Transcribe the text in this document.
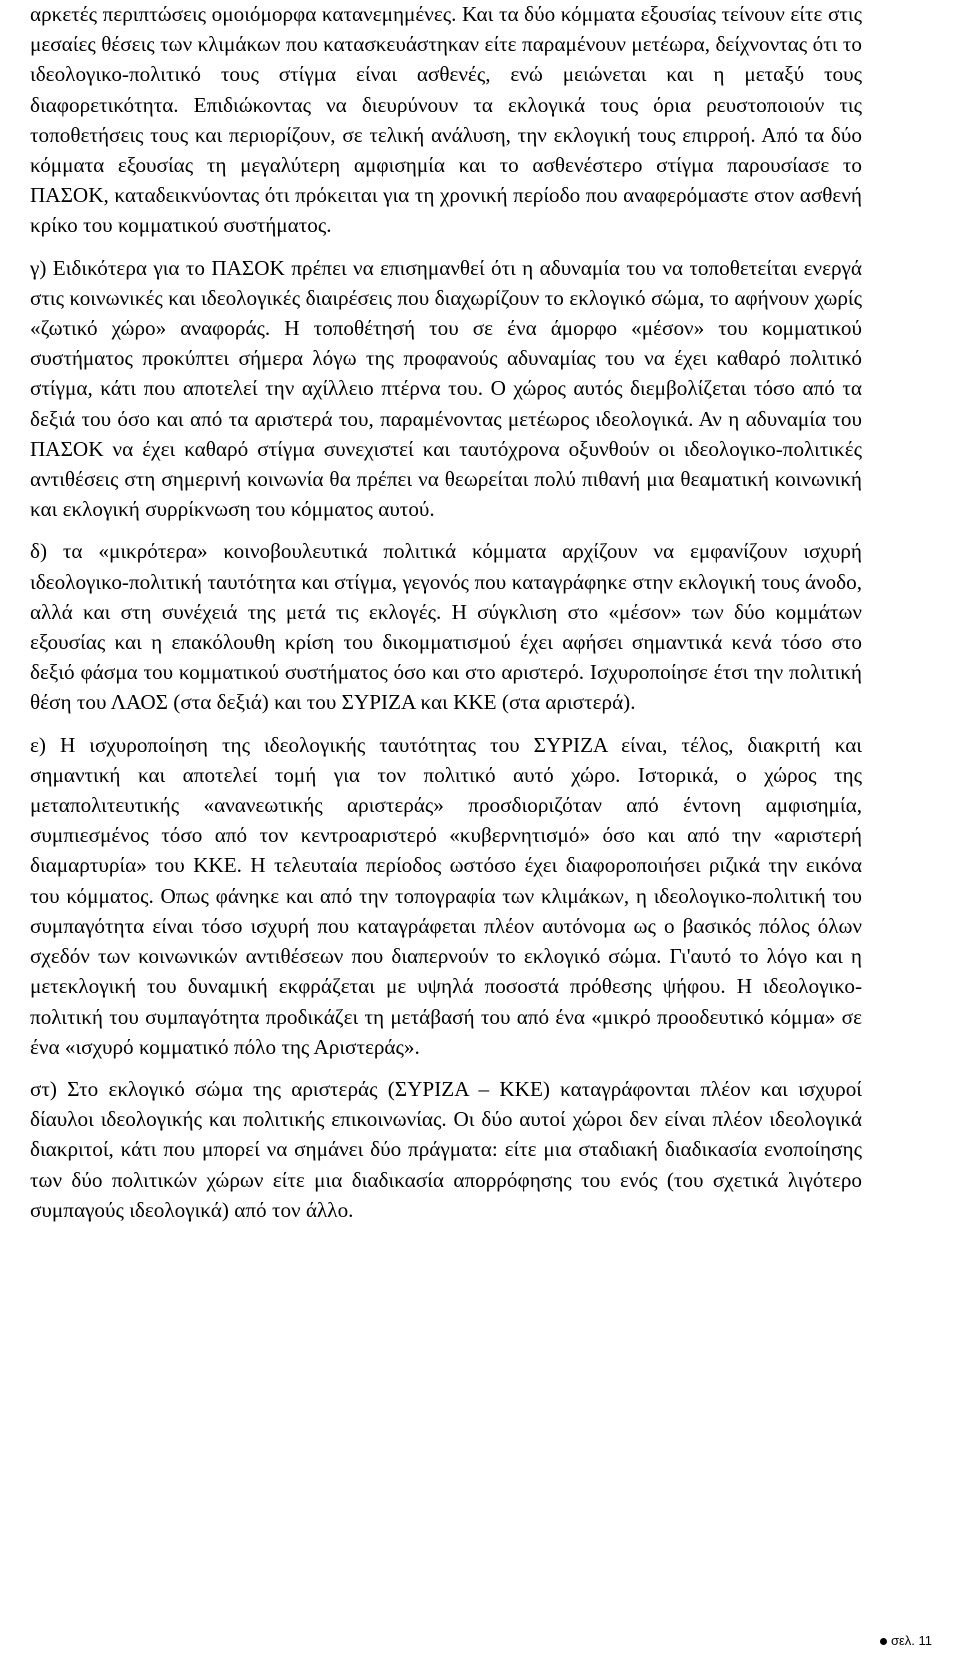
αρκετές περιπτώσεις ομοιόμορφα κατανεμημένες. Και τα δύο κόμματα εξουσίας τείνουν είτε στις μεσαίες θέσεις των κλιμάκων που κατασκευάστηκαν είτε παραμένουν μετέωρα, δείχνοντας ότι το ιδεολογικο-πολιτικό τους στίγμα είναι ασθενές, ενώ μειώνεται και η μεταξύ τους διαφορετικότητα. Επιδιώκοντας να διευρύνουν τα εκλογικά τους όρια ρευστοποιούν τις τοποθετήσεις τους και περιορίζουν, σε τελική ανάλυση, την εκλογική τους επιρροή. Από τα δύο κόμματα εξουσίας τη μεγαλύτερη αμφισημία και το ασθενέστερο στίγμα παρουσίασε το ΠΑΣΟΚ, καταδεικνύοντας ότι πρόκειται για τη χρονική περίοδο που αναφερόμαστε στον ασθενή κρίκο του κομματικού συστήματος.

γ) Ειδικότερα για το ΠΑΣΟΚ πρέπει να επισημανθεί ότι η αδυναμία του να τοποθετείται ενεργά στις κοινωνικές και ιδεολογικές διαιρέσεις που διαχωρίζουν το εκλογικό σώμα, το αφήνουν χωρίς «ζωτικό χώρο» αναφοράς. Η τοποθέτησή του σε ένα άμορφο «μέσον» του κομματικού συστήματος προκύπτει σήμερα λόγω της προφανούς αδυναμίας του να έχει καθαρό πολιτικό στίγμα, κάτι που αποτελεί την αχίλλειο πτέρνα του. Ο χώρος αυτός διεμβολίζεται τόσο από τα δεξιά του όσο και από τα αριστερά του, παραμένοντας μετέωρος ιδεολογικά. Αν η αδυναμία του ΠΑΣΟΚ να έχει καθαρό στίγμα συνεχιστεί και ταυτόχρονα οξυνθούν οι ιδεολογικο-πολιτικές αντιθέσεις στη σημερινή κοινωνία θα πρέπει να θεωρείται πολύ πιθανή μια θεαματική κοινωνική και εκλογική συρρίκνωση του κόμματος αυτού.

δ) τα «μικρότερα» κοινοβουλευτικά πολιτικά κόμματα αρχίζουν να εμφανίζουν ισχυρή ιδεολογικο-πολιτική ταυτότητα και στίγμα, γεγονός που καταγράφηκε στην εκλογική τους άνοδο, αλλά και στη συνέχειά της μετά τις εκλογές. Η σύγκλιση στο «μέσον» των δύο κομμάτων εξουσίας και η επακόλουθη κρίση του δικομματισμού έχει αφήσει σημαντικά κενά τόσο στο δεξιό φάσμα του κομματικού συστήματος όσο και στο αριστερό. Ισχυροποίησε έτσι την πολιτική θέση του ΛΑΟΣ (στα δεξιά) και του ΣΥΡΙΖΑ και ΚΚΕ (στα αριστερά).

ε) Η ισχυροποίηση της ιδεολογικής ταυτότητας του ΣΥΡΙΖΑ είναι, τέλος, διακριτή και σημαντική και αποτελεί τομή για τον πολιτικό αυτό χώρο. Ιστορικά, ο χώρος της μεταπολιτευτικής «ανανεωτικής αριστεράς» προσδιοριζόταν από έντονη αμφισημία, συμπιεσμένος τόσο από τον κεντροαριστερό «κυβερνητισμό» όσο και από την «αριστερή διαμαρτυρία» του ΚΚΕ. Η τελευταία περίοδος ωστόσο έχει διαφοροποιήσει ριζικά την εικόνα του κόμματος. Οπως φάνηκε και από την τοπογραφία των κλιμάκων, η ιδεολογικο-πολιτική του συμπαγότητα είναι τόσο ισχυρή που καταγράφεται πλέον αυτόνομα ως ο βασικός πόλος όλων σχεδόν των κοινωνικών αντιθέσεων που διαπερνούν το εκλογικό σώμα. Γι'αυτό το λόγο και η μετεκλογική του δυναμική εκφράζεται με υψηλά ποσοστά πρόθεσης ψήφου. Η ιδεολογικο-πολιτική του συμπαγότητα προδικάζει τη μετάβασή του από ένα «μικρό προοδευτικό κόμμα» σε ένα «ισχυρό κομματικό πόλο της Αριστεράς».

στ) Στο εκλογικό σώμα της αριστεράς (ΣΥΡΙΖΑ – ΚΚΕ) καταγράφονται πλέον και ισχυροί δίαυλοι ιδεολογικής και πολιτικής επικοινωνίας. Οι δύο αυτοί χώροι δεν είναι πλέον ιδεολογικά διακριτοί, κάτι που μπορεί να σημάνει δύο πράγματα: είτε μια σταδιακή διαδικασία ενοποίησης των δύο πολιτικών χώρων είτε μια διαδικασία απορρόφησης του ενός (του σχετικά λιγότερο συμπαγούς ιδεολογικά) από τον άλλο.

σελ. 11
